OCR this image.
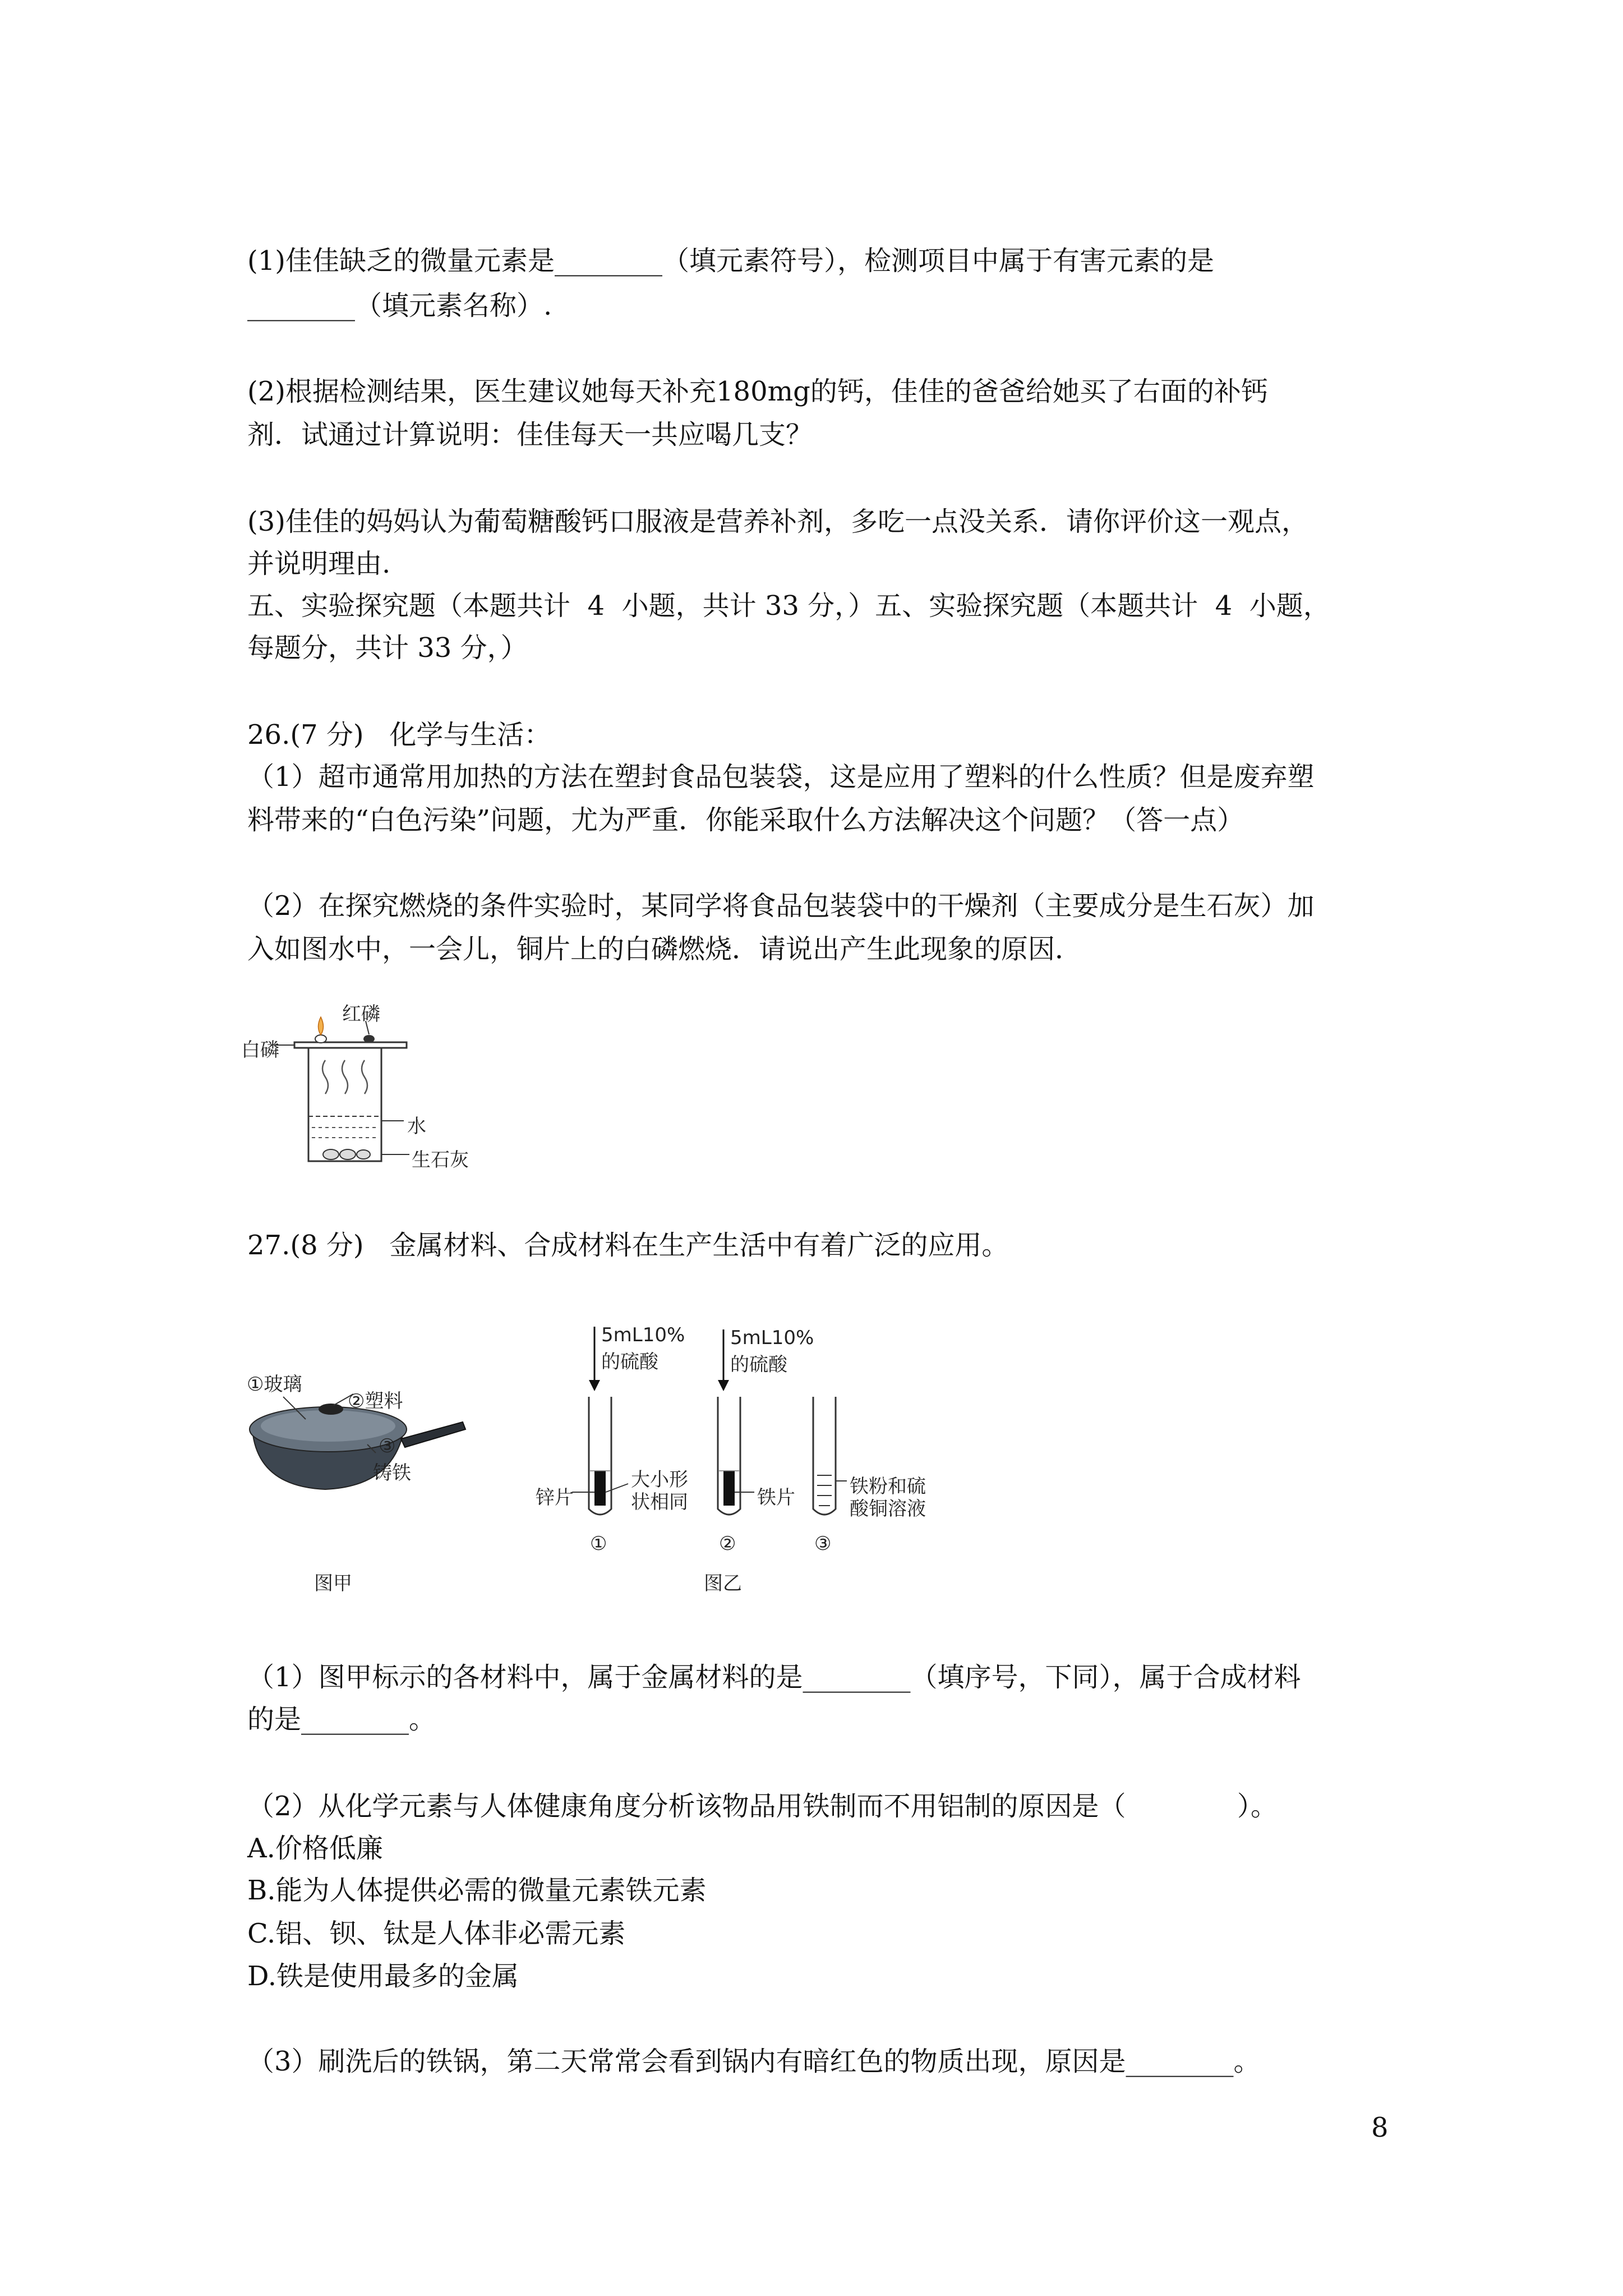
(1)佳佳缺乏的微量元素是________（填元素符号），检测项目中属于有害元素的是
________（填元素名称）.
(2)根据检测结果，医生建议她每天补充180mg的钙，佳佳的爸爸给她买了右面的补钙
剂．试通过计算说明：佳佳每天一共应喝几支？
(3)佳佳的妈妈认为葡萄糖酸钙口服液是营养补剂，多吃一点没关系．请你评价这一观点，
并说明理由.
五、实验探究题（本题共计  4  小题，共计 33 分，）五、实验探究题（本题共计  4  小题，
每题分，共计 33 分，）
26.(7 分)   化学与生活：
（1）超市通常用加热的方法在塑封食品包装袋，这是应用了塑料的什么性质？但是废弃塑
料带来的“白色污染”问题，尤为严重．你能采取什么方法解决这个问题？（答一点）
（2）在探究燃烧的条件实验时，某同学将食品包装袋中的干燥剂（主要成分是生石灰）加
入如图水中，一会儿，铜片上的白磷燃烧．请说出产生此现象的原因．
红磷
白磷
水
生石灰
27.(8 分)   金属材料、合成材料在生产生活中有着广泛的应用。
①玻璃
②塑料
③
铸铁
图甲
5mL10%
的硫酸
5mL10%
的硫酸
锌片
大小形
状相同	铁片	铁粉和硫
酸铜溶液
①	②	③
图乙
（1）图甲标示的各材料中，属于金属材料的是________（填序号，下同），属于合成材料
的是________。
（2）从化学元素与人体健康角度分析该物品用铁制而不用铝制的原因是（             ）。
A.价格低廉
B.能为人体提供必需的微量元素铁元素
C.铝、钡、钛是人体非必需元素
D.铁是使用最多的金属
（3）刷洗后的铁锅，第二天常常会看到锅内有暗红色的物质出现，原因是________。
8
